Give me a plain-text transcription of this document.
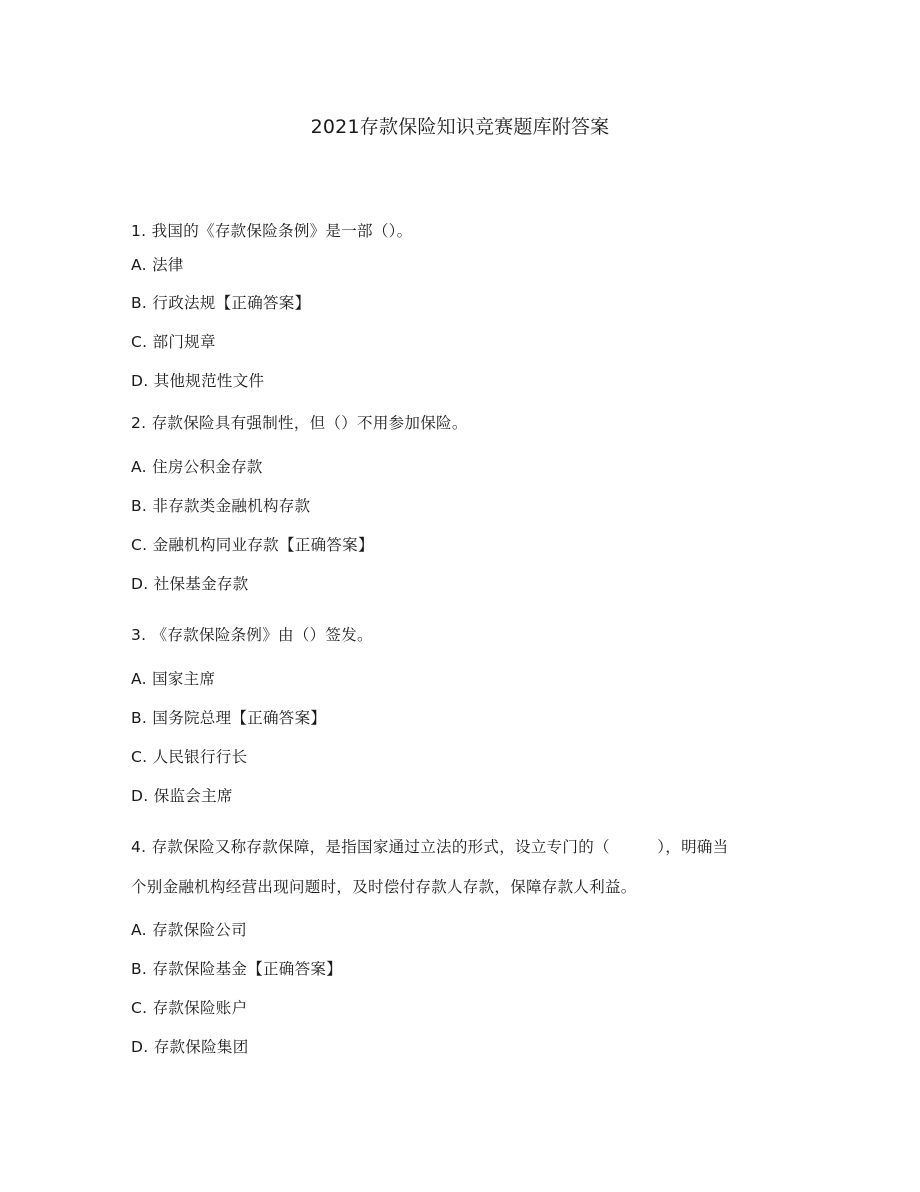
2021存款保险知识竞赛题库附答案
1. 我国的《存款保险条例》是一部（）。
A. 法律
B. 行政法规【正确答案】
C. 部门规章
D. 其他规范性文件
2. 存款保险具有强制性，但（）不用参加保险。
A. 住房公积金存款
B. 非存款类金融机构存款
C. 金融机构同业存款【正确答案】
D. 社保基金存款
3. 《存款保险条例》由（）签发。
A. 国家主席
B. 国务院总理【正确答案】
C. 人民银行行长
D. 保监会主席
4. 存款保险又称存款保障，是指国家通过立法的形式，设立专门的（　　　），明确当
个别金融机构经营出现问题时，及时偿付存款人存款，保障存款人利益。
A. 存款保险公司
B. 存款保险基金【正确答案】
C. 存款保险账户
D. 存款保险集团
